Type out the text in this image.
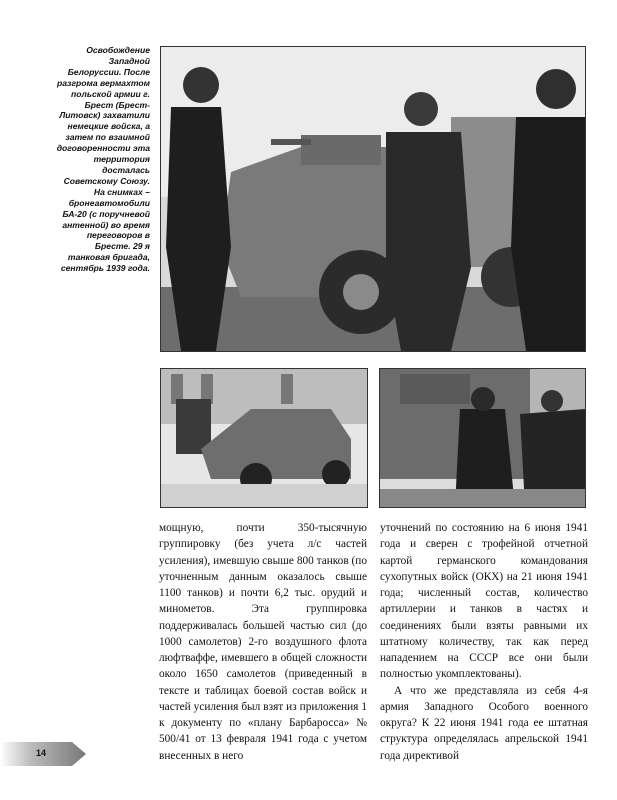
Освобождение Западной Белоруссии. После разгрома вермахтом польской армии г. Брест (Брест-Литовск) захватили немецкие войска, а затем по взаимной договоренности эта территория досталась Советскому Союзу. На снимках – бронеавтомобили БА-20 (с поручневой антенной) во время переговоров в Бресте. 29 я танковая бригада, сентябрь 1939 года.

мощную, почти 350-тысячную группировку (без учета л/с частей усиления), имевшую свыше 800 танков (по уточненным данным оказалось свыше 1100 танков) и почти 6,2 тыс. орудий и минометов. Эта группировка поддерживалась большей частью сил (до 1000 самолетов) 2-го воздушного флота люфтваффе, имевшего в общей сложности около 1650 самолетов (приведенный в тексте и таблицах боевой состав войск и частей усиления был взят из приложения 1 к документу по «плану Барбаросса» № 500/41 от 13 февраля 1941 года с учетом внесенных в него

уточнений по состоянию на 6 июня 1941 года и сверен с трофейной отчетной картой германского командования сухопутных войск (ОКХ) на 21 июня 1941 года; численный состав, количество артиллерии и танков в частях и соединениях были взяты равными их штатному количеству, так как перед нападением на СССР все они были полностью укомплектованы).

А что же представляла из себя 4-я армия Западного Особого военного округа? К 22 июня 1941 года ее штатная структура определялась апрельской 1941 года директивой

14
